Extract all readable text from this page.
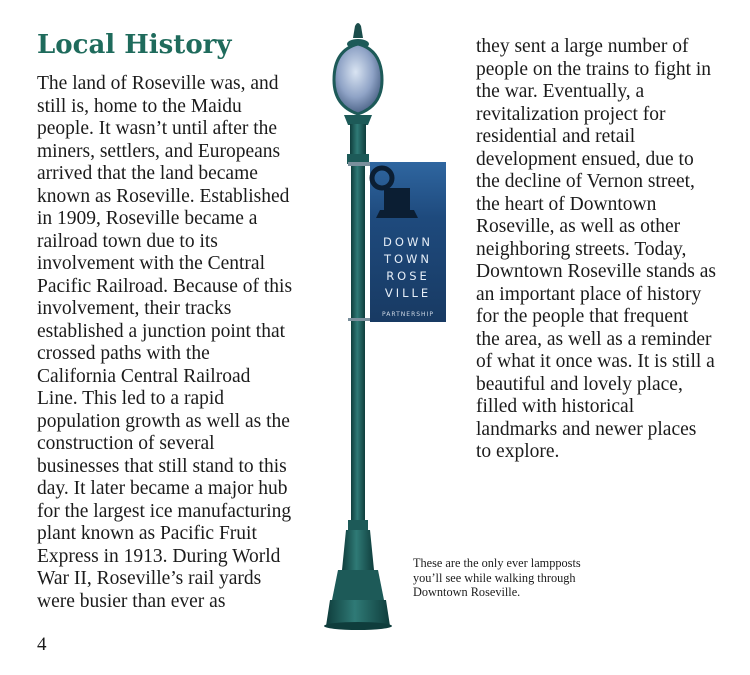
Local History

The land of Roseville was, and still is, home to the Maidu people. It wasn’t until after the miners, settlers, and Europeans arrived that the land became known as Roseville. Established in 1909, Roseville became a railroad town due to its involvement with the Central Pacific Railroad. Because of this involvement, their tracks established a junction point that crossed paths with the California Central Railroad Line. This led to a rapid population growth as well as the construction of several businesses that still stand to this day. It later became a major hub for the largest ice manufacturing plant known as Pacific Fruit Express in 1913. During World War II, Roseville’s rail yards were busier than ever as

they sent a large number of people on the trains to fight in the war. Eventually, a revitalization project for residential and retail development ensued, due to the decline of Vernon street, the heart of Downtown Roseville, as well as other neighboring streets. Today, Downtown Roseville stands as an important place of history for the people that frequent the area, as well as a reminder of what it once was. It is still a beautiful and lovely place, filled with historical landmarks and newer places to explore.

DOWN
TOWN
ROSE
VILLE
PARTNERSHIP

These are the only ever lampposts you’ll see while walking through Downtown Roseville.

4
